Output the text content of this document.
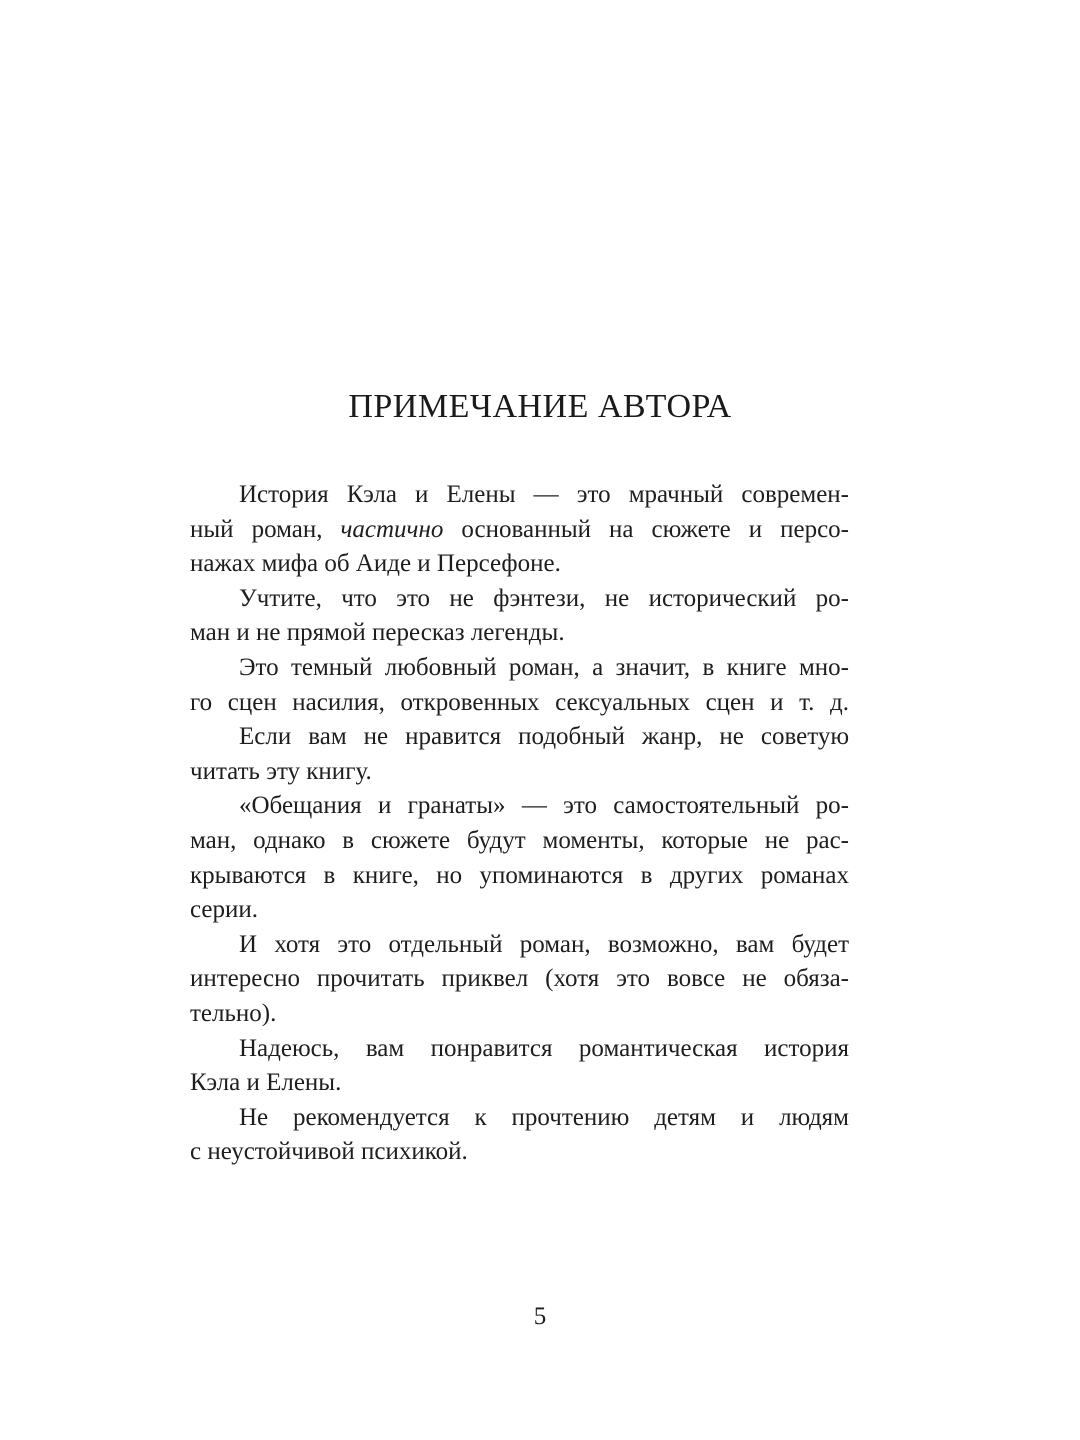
ПРИМЕЧАНИЕ АВТОРА
История Кэла и Елены — это мрачный современ-
ный роман, частично основанный на сюжете и персо-
нажах мифа об Аиде и Персефоне.
Учтите, что это не фэнтези, не исторический ро-
ман и не прямой пересказ легенды.
Это темный любовный роман, а значит, в книге мно-
го сцен насилия, откровенных сексуальных сцен и т. д.
Если вам не нравится подобный жанр, не советую
читать эту книгу.
«Обещания и гранаты» — это самостоятельный ро-
ман, однако в сюжете будут моменты, которые не рас-
крываются в книге, но упоминаются в других романах
серии.
И хотя это отдельный роман, возможно, вам будет
интересно прочитать приквел (хотя это вовсе не обяза-
тельно).
Надеюсь, вам понравится романтическая история
Кэла и Елены.
Не рекомендуется к прочтению детям и людям
с неустойчивой психикой.
5
